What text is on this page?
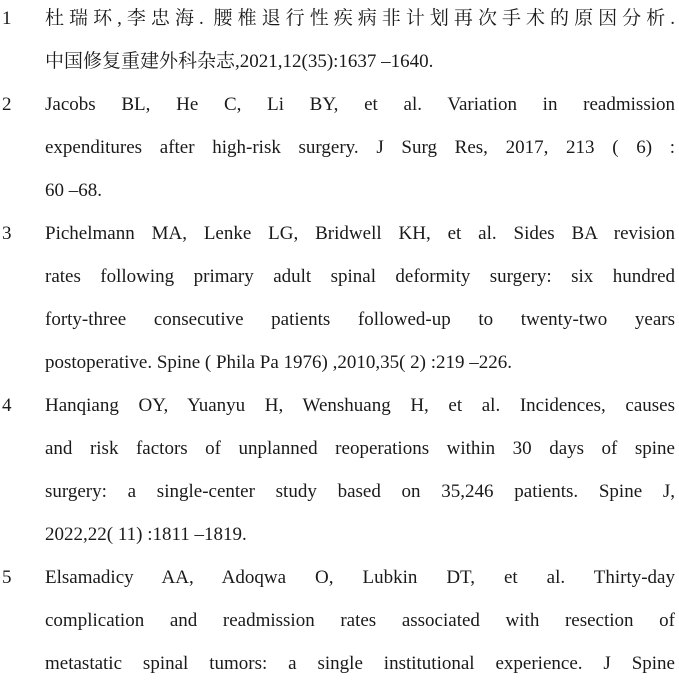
1 杜瑞环,李忠海. 腰椎退行性疾病非计划再次手术的原因分析.
中国修复重建外科杂志,2021,12(35):1637 –1640.
2 Jacobs BL, He C, Li BY, et al. Variation in readmission
expenditures after high-risk surgery. J Surg Res, 2017, 213 ( 6) :
60 –68.
3 Pichelmann MA, Lenke LG, Bridwell KH, et al. Sides BA revision
rates following primary adult spinal deformity surgery: six hundred
forty-three consecutive patients followed-up to twenty-two years
postoperative. Spine ( Phila Pa 1976) ,2010,35( 2) :219 –226.
4 Hanqiang OY, Yuanyu H, Wenshuang H, et al. Incidences, causes
and risk factors of unplanned reoperations within 30 days of spine
surgery: a single-center study based on 35,246 patients. Spine J,
2022,22( 11) :1811 –1819.
5 Elsamadicy AA, Adoqwa O, Lubkin DT, et al. Thirty-day
complication and readmission rates associated with resection of
metastatic spinal tumors: a single institutional experience. J Spine
